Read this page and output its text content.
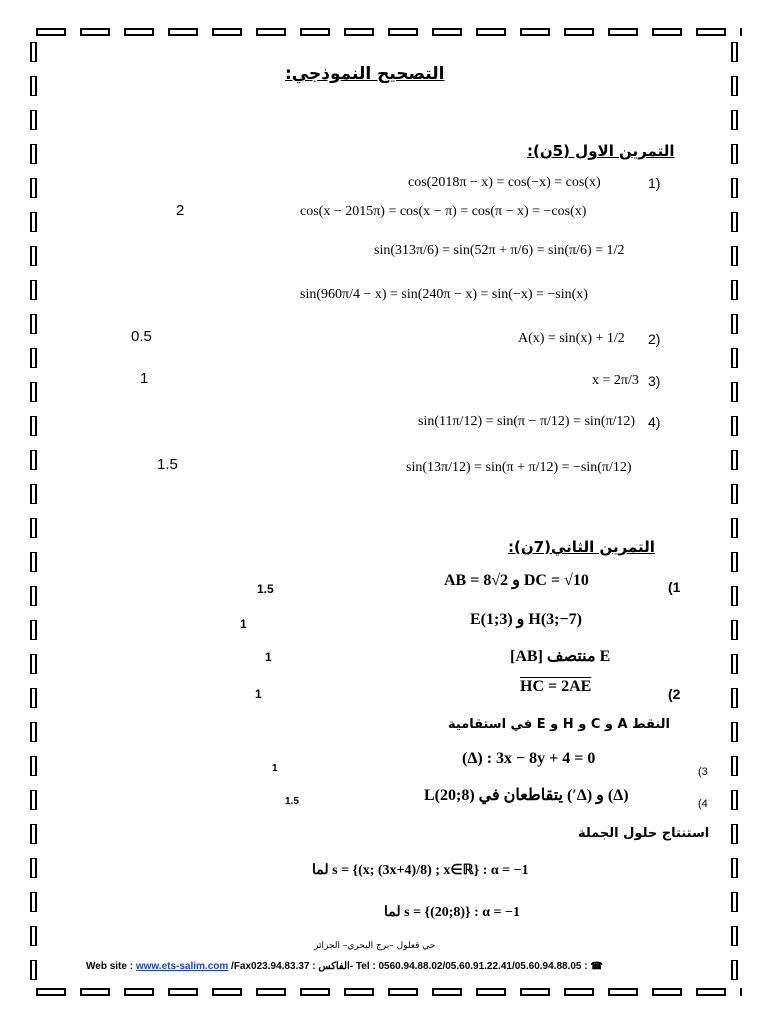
التصحيح النموذجي:
التمرين الاول (5ن):
1)
cos(2018π − x) = cos(−x) = cos(x)
2	cos(x − 2015π) = cos(x − π) = cos(π − x) = −cos(x)
sin(313π/6) = sin(52π + π/6) = sin(π/6) = 1/2
sin(960π/4 − x) = sin(240π − x) = sin(−x) = −sin(x)
0.5	2)
A(x) = sin(x) + 1/2
1	3)
x = 2π/3
4)
sin(11π/12) = sin(π − π/12) = sin(π/12)
1.5	sin(13π/12) = sin(π + π/12) = −sin(π/12)
التمرين الثاني(7ن):
1.5	(1
DC = √10 و AB = 8√2
1	H(3;−7) و E(1;3)
1	E منتصف [AB]
1	HC = 2AE	(2
النقط A و C و H و E في استقامية
(Δ) : 3x − 8y + 4 = 0
1	(3
1.5	(Δ) و (Δ′) يتقاطعان في L(20;8)	(4
استنتاج حلول الجملة
s = {(x; (3x+4)/8) ; x∈ℝ} : α = −1 لما
s = {(20;8)} : α = −1 لما
حي قعلول –برج البحري– الجزائر
Web site : www.ets-salim.com /Fax023.94.83.37 : الفاكس- Tel : 0560.94.88.02/05.60.91.22.41/05.60.94.88.05 : ☎
